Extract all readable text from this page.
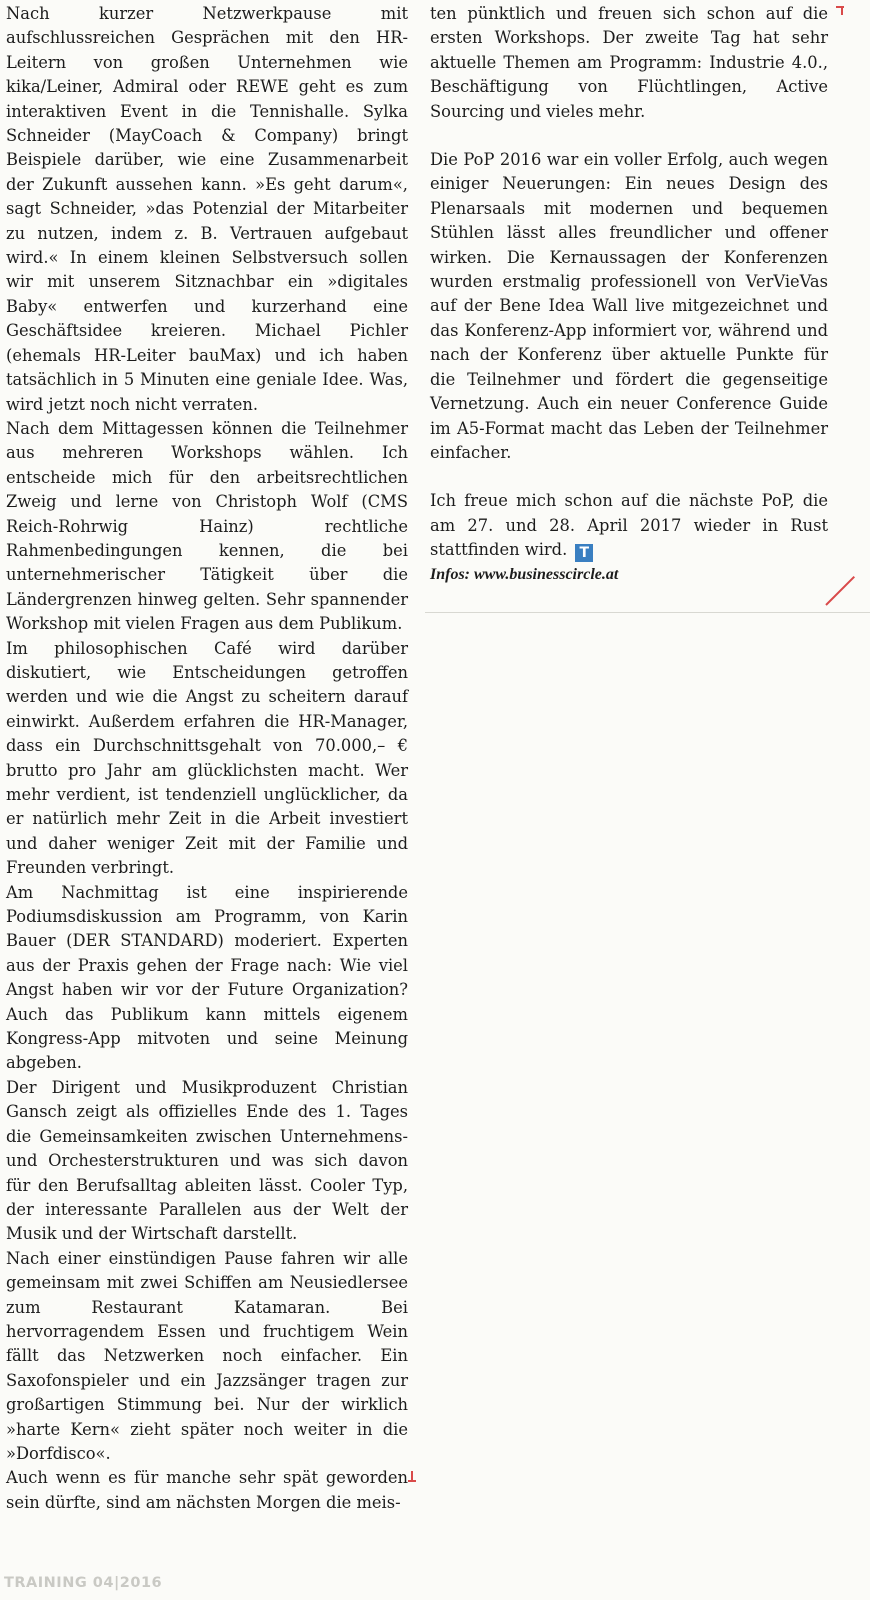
Nach kurzer Netzwerkpause mit aufschlussreichen Gesprächen mit den HR-Leitern von großen Unternehmen wie kika/Leiner, Admiral oder REWE geht es zum interaktiven Event in die Tennishalle. Sylka Schneider (MayCoach & Company) bringt Beispiele darüber, wie eine Zusammenarbeit der Zukunft aussehen kann. »Es geht darum«, sagt Schneider, »das Potenzial der Mitarbeiter zu nutzen, indem z. B. Vertrauen aufgebaut wird.« In einem kleinen Selbstversuch sollen wir mit unserem Sitznachbar ein »digitales Baby« entwerfen und kurzerhand eine Geschäftsidee kreieren. Michael Pichler (ehemals HR-Leiter bauMax) und ich haben tatsächlich in 5 Minuten eine geniale Idee. Was, wird jetzt noch nicht verraten.

Nach dem Mittagessen können die Teilnehmer aus mehreren Workshops wählen. Ich entscheide mich für den arbeitsrechtlichen Zweig und lerne von Christoph Wolf (CMS Reich-Rohrwig Hainz) rechtliche Rahmenbedingungen kennen, die bei unternehmerischer Tätigkeit über die Ländergrenzen hinweg gelten. Sehr spannender Workshop mit vielen Fragen aus dem Publikum.

Im philosophischen Café wird darüber diskutiert, wie Entscheidungen getroffen werden und wie die Angst zu scheitern darauf einwirkt. Außerdem erfahren die HR-Manager, dass ein Durchschnittsgehalt von 70.000,– € brutto pro Jahr am glücklichsten macht. Wer mehr verdient, ist tendenziell unglücklicher, da er natürlich mehr Zeit in die Arbeit investiert und daher weniger Zeit mit der Familie und Freunden verbringt.

Am Nachmittag ist eine inspirierende Podiumsdiskussion am Programm, von Karin Bauer (DER STANDARD) moderiert. Experten aus der Praxis gehen der Frage nach: Wie viel Angst haben wir vor der Future Organization? Auch das Publikum kann mittels eigenem Kongress-App mitvoten und seine Meinung abgeben.

Der Dirigent und Musikproduzent Christian Gansch zeigt als offizielles Ende des 1. Tages die Gemeinsamkeiten zwischen Unternehmens- und Orchesterstrukturen und was sich davon für den Berufsalltag ableiten lässt. Cooler Typ, der interessante Parallelen aus der Welt der Musik und der Wirtschaft darstellt.

Nach einer einstündigen Pause fahren wir alle gemeinsam mit zwei Schiffen am Neusiedlersee zum Restaurant Katamaran. Bei hervorragendem Essen und fruchtigem Wein fällt das Netzwerken noch einfacher. Ein Saxofonspieler und ein Jazzsänger tragen zur großartigen Stimmung bei. Nur der wirklich »harte Kern« zieht später noch weiter in die »Dorfdisco«.

Auch wenn es für manche sehr spät geworden sein dürfte, sind am nächsten Morgen die meis-

ten pünktlich und freuen sich schon auf die ersten Workshops. Der zweite Tag hat sehr aktuelle Themen am Programm: Industrie 4.0., Beschäftigung von Flüchtlingen, Active Sourcing und vieles mehr.

Die PoP 2016 war ein voller Erfolg, auch wegen einiger Neuerungen: Ein neues Design des Plenarsaals mit modernen und bequemen Stühlen lässt alles freundlicher und offener wirken. Die Kernaussagen der Konferenzen wurden erstmalig professionell von VerVieVas auf der Bene Idea Wall live mitgezeichnet und das Konferenz-App informiert vor, während und nach der Konferenz über aktuelle Punkte für die Teilnehmer und fördert die gegenseitige Vernetzung. Auch ein neuer Conference Guide im A5-Format macht das Leben der Teilnehmer einfacher.

Ich freue mich schon auf die nächste PoP, die am 27. und 28. April 2017 wieder in Rust stattfinden wird. T

Infos: www.businesscircle.at

TRAINING 04|2016
